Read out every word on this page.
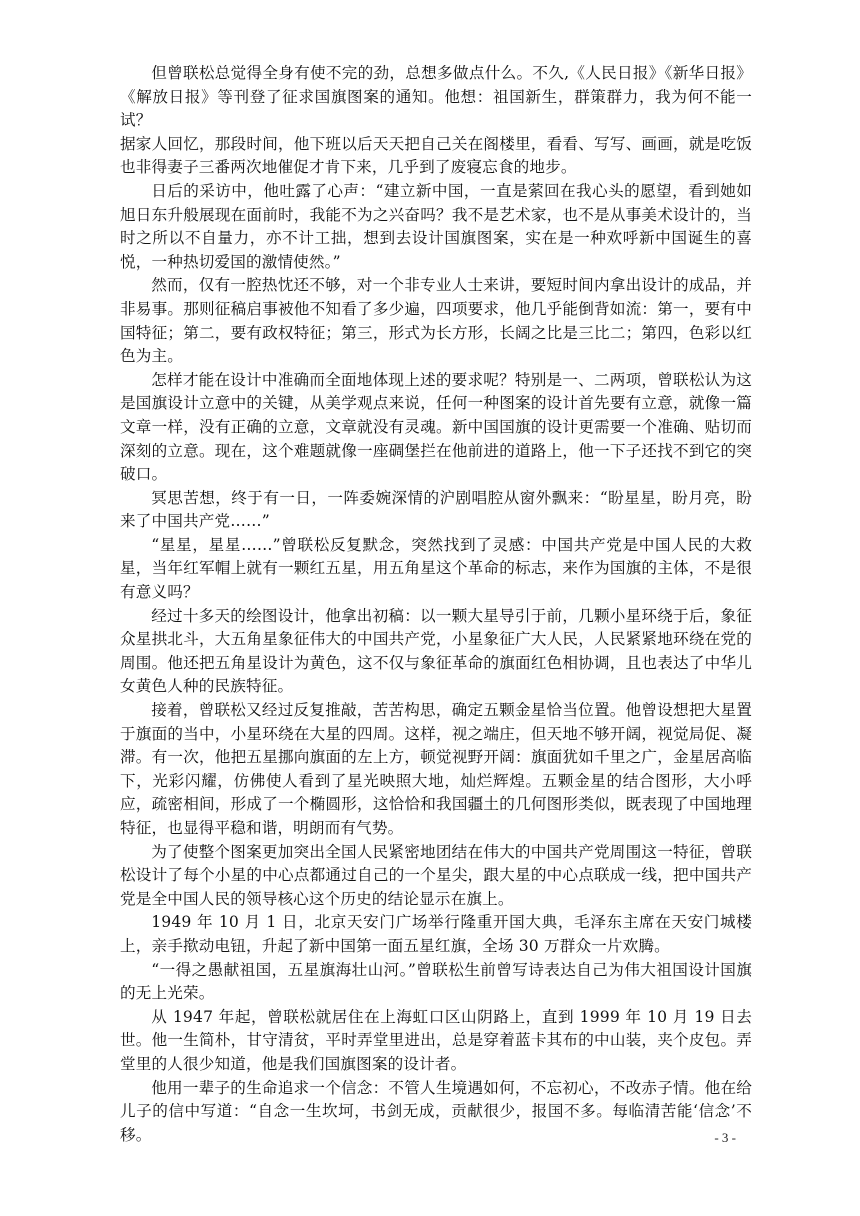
但曾联松总觉得全身有使不完的劲，总想多做点什么。不久,《人民日报》《新华日报》《解放日报》等刊登了征求国旗图案的通知。他想：祖国新生，群策群力，我为何不能一试？

据家人回忆，那段时间，他下班以后天天把自己关在阁楼里，看看、写写、画画，就是吃饭也非得妻子三番两次地催促才肯下来，几乎到了废寝忘食的地步。

日后的采访中，他吐露了心声：“建立新中国，一直是萦回在我心头的愿望，看到她如旭日东升般展现在面前时，我能不为之兴奋吗？我不是艺术家，也不是从事美术设计的，当时之所以不自量力，亦不计工拙，想到去设计国旗图案，实在是一种欢呼新中国诞生的喜悦，一种热切爱国的激情使然。”

然而，仅有一腔热忱还不够，对一个非专业人士来讲，要短时间内拿出设计的成品，并非易事。那则征稿启事被他不知看了多少遍，四项要求，他几乎能倒背如流：第一，要有中国特征；第二，要有政权特征；第三，形式为长方形，长阔之比是三比二；第四，色彩以红色为主。

怎样才能在设计中准确而全面地体现上述的要求呢？特别是一、二两项，曾联松认为这是国旗设计立意中的关键，从美学观点来说，任何一种图案的设计首先要有立意，就像一篇文章一样，没有正确的立意，文章就没有灵魂。新中国国旗的设计更需要一个准确、贴切而深刻的立意。现在，这个难题就像一座碉堡拦在他前进的道路上，他一下子还找不到它的突破口。

冥思苦想，终于有一日，一阵委婉深情的沪剧唱腔从窗外飘来：“盼星星，盼月亮，盼来了中国共产党……”

“星星，星星……”曾联松反复默念，突然找到了灵感：中国共产党是中国人民的大救星，当年红军帽上就有一颗红五星，用五角星这个革命的标志，来作为国旗的主体，不是很有意义吗？

经过十多天的绘图设计，他拿出初稿：以一颗大星导引于前，几颗小星环绕于后，象征众星拱北斗，大五角星象征伟大的中国共产党，小星象征广大人民，人民紧紧地环绕在党的周围。他还把五角星设计为黄色，这不仅与象征革命的旗面红色相协调，且也表达了中华儿女黄色人种的民族特征。

接着，曾联松又经过反复推敲，苦苦构思，确定五颗金星恰当位置。他曾设想把大星置于旗面的当中，小星环绕在大星的四周。这样，视之端庄，但天地不够开阔，视觉局促、凝滞。有一次，他把五星挪向旗面的左上方，顿觉视野开阔：旗面犹如千里之广，金星居高临下，光彩闪耀，仿佛使人看到了星光映照大地，灿烂辉煌。五颗金星的结合图形，大小呼应，疏密相间，形成了一个椭圆形，这恰恰和我国疆土的几何图形类似，既表现了中国地理特征，也显得平稳和谐，明朗而有气势。

为了使整个图案更加突出全国人民紧密地团结在伟大的中国共产党周围这一特征，曾联松设计了每个小星的中心点都通过自己的一个星尖，跟大星的中心点联成一线，把中国共产党是全中国人民的领导核心这个历史的结论显示在旗上。

1949 年 10 月 1 日，北京天安门广场举行隆重开国大典，毛泽东主席在天安门城楼上，亲手揿动电钮，升起了新中国第一面五星红旗，全场 30 万群众一片欢腾。

“一得之愚献祖国，五星旗海壮山河。”曾联松生前曾写诗表达自己为伟大祖国设计国旗的无上光荣。

从 1947 年起，曾联松就居住在上海虹口区山阴路上，直到 1999 年 10 月 19 日去世。他一生简朴，甘守清贫，平时弄堂里进出，总是穿着蓝卡其布的中山装，夹个皮包。弄堂里的人很少知道，他是我们国旗图案的设计者。

他用一辈子的生命追求一个信念：不管人生境遇如何，不忘初心，不改赤子情。他在给儿子的信中写道：“自念一生坎坷，书剑无成，贡献很少，报国不多。每临清苦能‘信念’不移。	- 3 -
